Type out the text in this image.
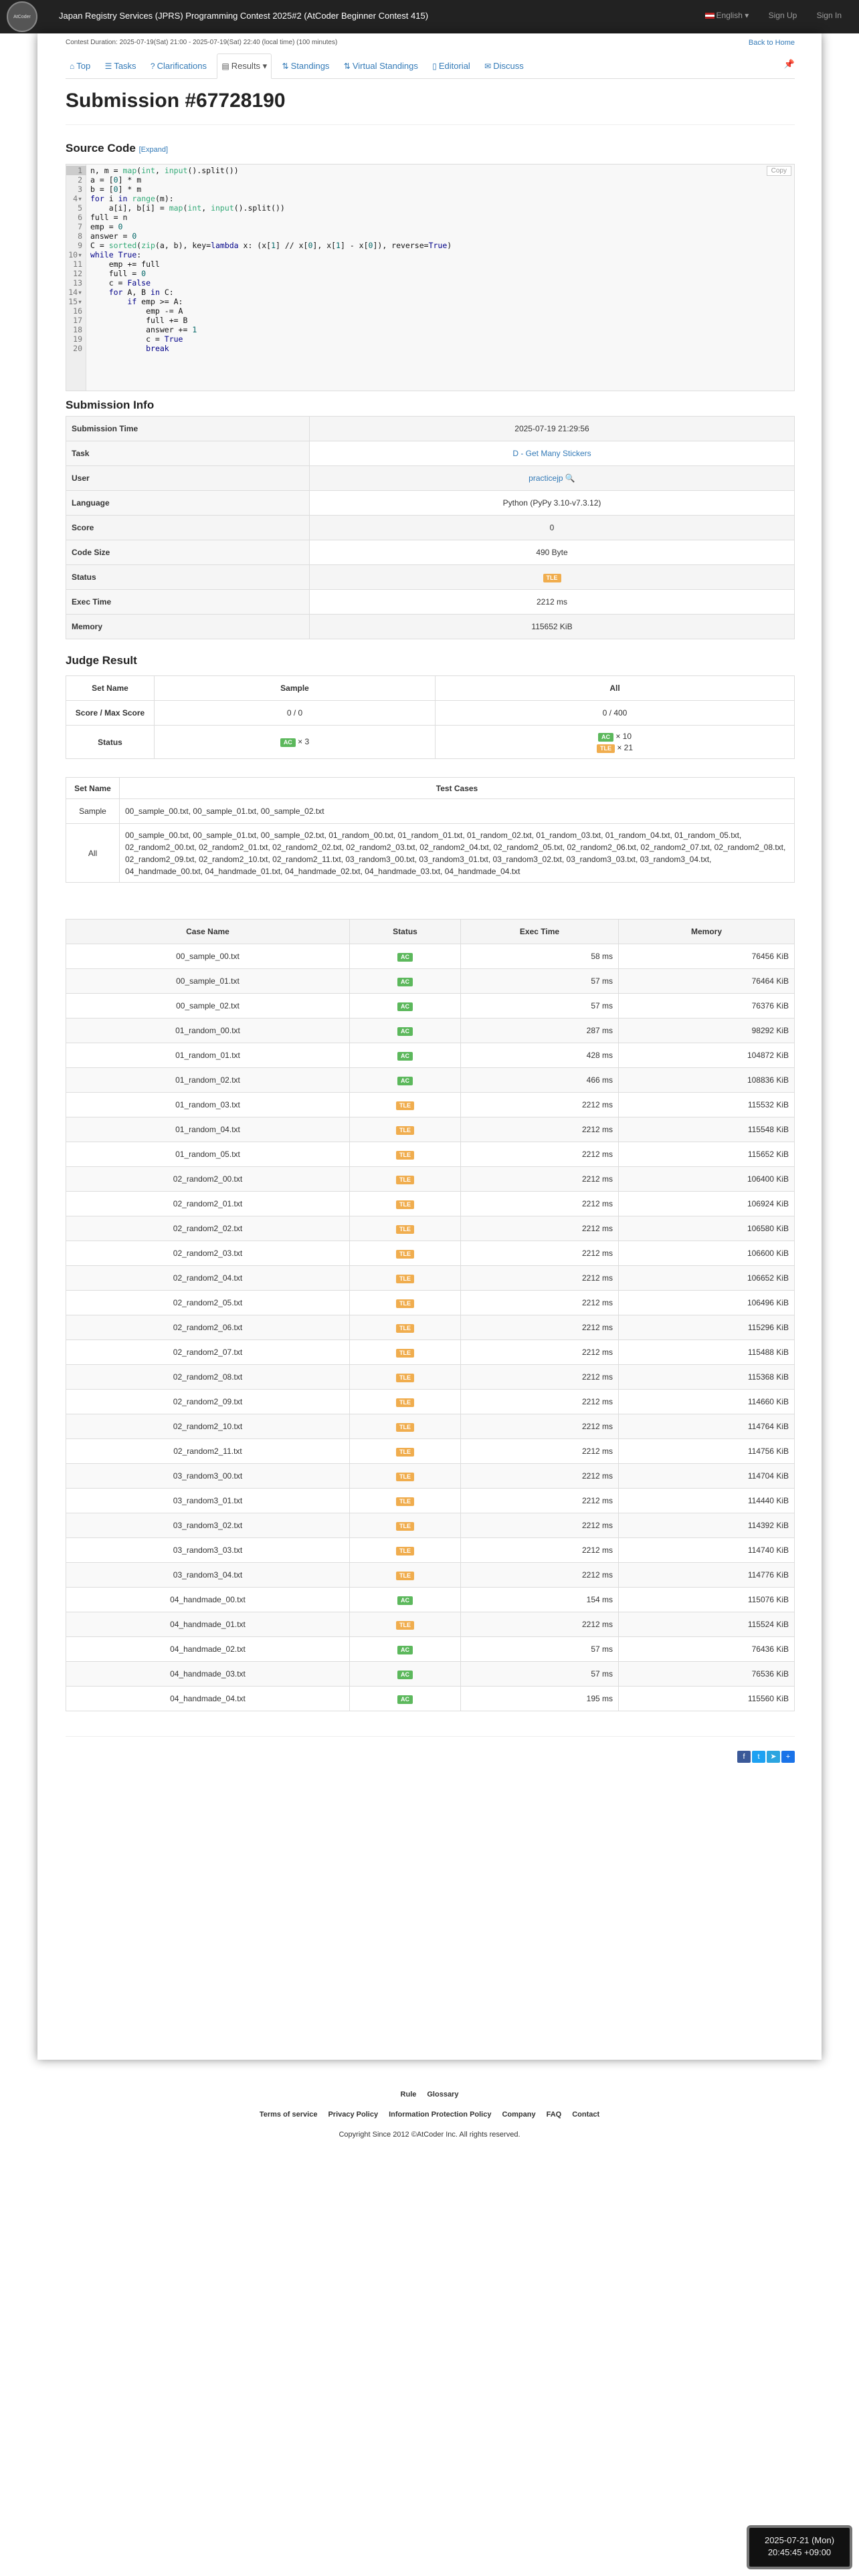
AtCoder	Japan Registry Services (JPRS) Programming Contest 2025#2 (AtCoder Beginner Contest 415)	English ▾ Sign Up Sign In
Contest Duration: 2025-07-19(Sat) 21:00 - 2025-07-19(Sat) 22:40 (local time) (100 minutes)	Back to Home
⌂ Top ☰ Tasks ? Clarifications ▤ Results ▾ ⇅ Standings ⇅ Virtual Standings ▯ Editorial ✉ Discuss	📌
Submission #67728190
Source Code [Expand]
1	n, m = map(int, input().split())
2	a = [0] * m
3	b = [0] * m
4▾	for i in range(m):
5	a[i], b[i] = map(int, input().split())
6	full = n
7	emp = 0
8	answer = 0
9	C = sorted(zip(a, b), key=lambda x: (x[1] // x[0], x[1] - x[0]), reverse=True)
10▾	while True:
11	emp += full
12	full = 0
13	c = False
14▾	for A, B in C:
15▾	if emp >= A:
16	emp -= A
17	full += B
18	answer += 1
19	c = True
20	break
Copy
Submission Info
Submission Time	2025-07-19 21:29:56
Task	D - Get Many Stickers
User	practicejp 🔍
Language	Python (PyPy 3.10-v7.3.12)
Score	0
Code Size	490 Byte
Status	TLE
Exec Time	2212 ms
Memory	115652 KiB
Judge Result
Set Name	Sample	All
Score / Max Score	0 / 0	0 / 400
Status	AC × 3	AC × 10
TLE × 21
Set Name	Test Cases
Sample	00_sample_00.txt, 00_sample_01.txt, 00_sample_02.txt
All	00_sample_00.txt, 00_sample_01.txt, 00_sample_02.txt, 01_random_00.txt, 01_random_01.txt, 01_random_02.txt, 01_random_03.txt, 01_random_04.txt, 01_random_05.txt, 02_random2_00.txt, 02_random2_01.txt, 02_random2_02.txt, 02_random2_03.txt, 02_random2_04.txt, 02_random2_05.txt, 02_random2_06.txt, 02_random2_07.txt, 02_random2_08.txt, 02_random2_09.txt, 02_random2_10.txt, 02_random2_11.txt, 03_random3_00.txt, 03_random3_01.txt, 03_random3_02.txt, 03_random3_03.txt, 03_random3_04.txt, 04_handmade_00.txt, 04_handmade_01.txt, 04_handmade_02.txt, 04_handmade_03.txt, 04_handmade_04.txt
Case Name	Status	Exec Time	Memory
00_sample_00.txt	AC	58 ms	76456 KiB
00_sample_01.txt	AC	57 ms	76464 KiB
00_sample_02.txt	AC	57 ms	76376 KiB
01_random_00.txt	AC	287 ms	98292 KiB
01_random_01.txt	AC	428 ms	104872 KiB
01_random_02.txt	AC	466 ms	108836 KiB
01_random_03.txt	TLE	2212 ms	115532 KiB
01_random_04.txt	TLE	2212 ms	115548 KiB
01_random_05.txt	TLE	2212 ms	115652 KiB
02_random2_00.txt	TLE	2212 ms	106400 KiB
02_random2_01.txt	TLE	2212 ms	106924 KiB
02_random2_02.txt	TLE	2212 ms	106580 KiB
02_random2_03.txt	TLE	2212 ms	106600 KiB
02_random2_04.txt	TLE	2212 ms	106652 KiB
02_random2_05.txt	TLE	2212 ms	106496 KiB
02_random2_06.txt	TLE	2212 ms	115296 KiB
02_random2_07.txt	TLE	2212 ms	115488 KiB
02_random2_08.txt	TLE	2212 ms	115368 KiB
02_random2_09.txt	TLE	2212 ms	114660 KiB
02_random2_10.txt	TLE	2212 ms	114764 KiB
02_random2_11.txt	TLE	2212 ms	114756 KiB
03_random3_00.txt	TLE	2212 ms	114704 KiB
03_random3_01.txt	TLE	2212 ms	114440 KiB
03_random3_02.txt	TLE	2212 ms	114392 KiB
03_random3_03.txt	TLE	2212 ms	114740 KiB
03_random3_04.txt	TLE	2212 ms	114776 KiB
04_handmade_00.txt	AC	154 ms	115076 KiB
04_handmade_01.txt	TLE	2212 ms	115524 KiB
04_handmade_02.txt	AC	57 ms	76436 KiB
04_handmade_03.txt	AC	57 ms	76536 KiB
04_handmade_04.txt	AC	195 ms	115560 KiB
f t ➤ +
Rule Glossary
Terms of service Privacy Policy Information Protection Policy Company FAQ Contact
Copyright Since 2012 ©AtCoder Inc. All rights reserved.
2025-07-21 (Mon)
20:45:45 +09:00
